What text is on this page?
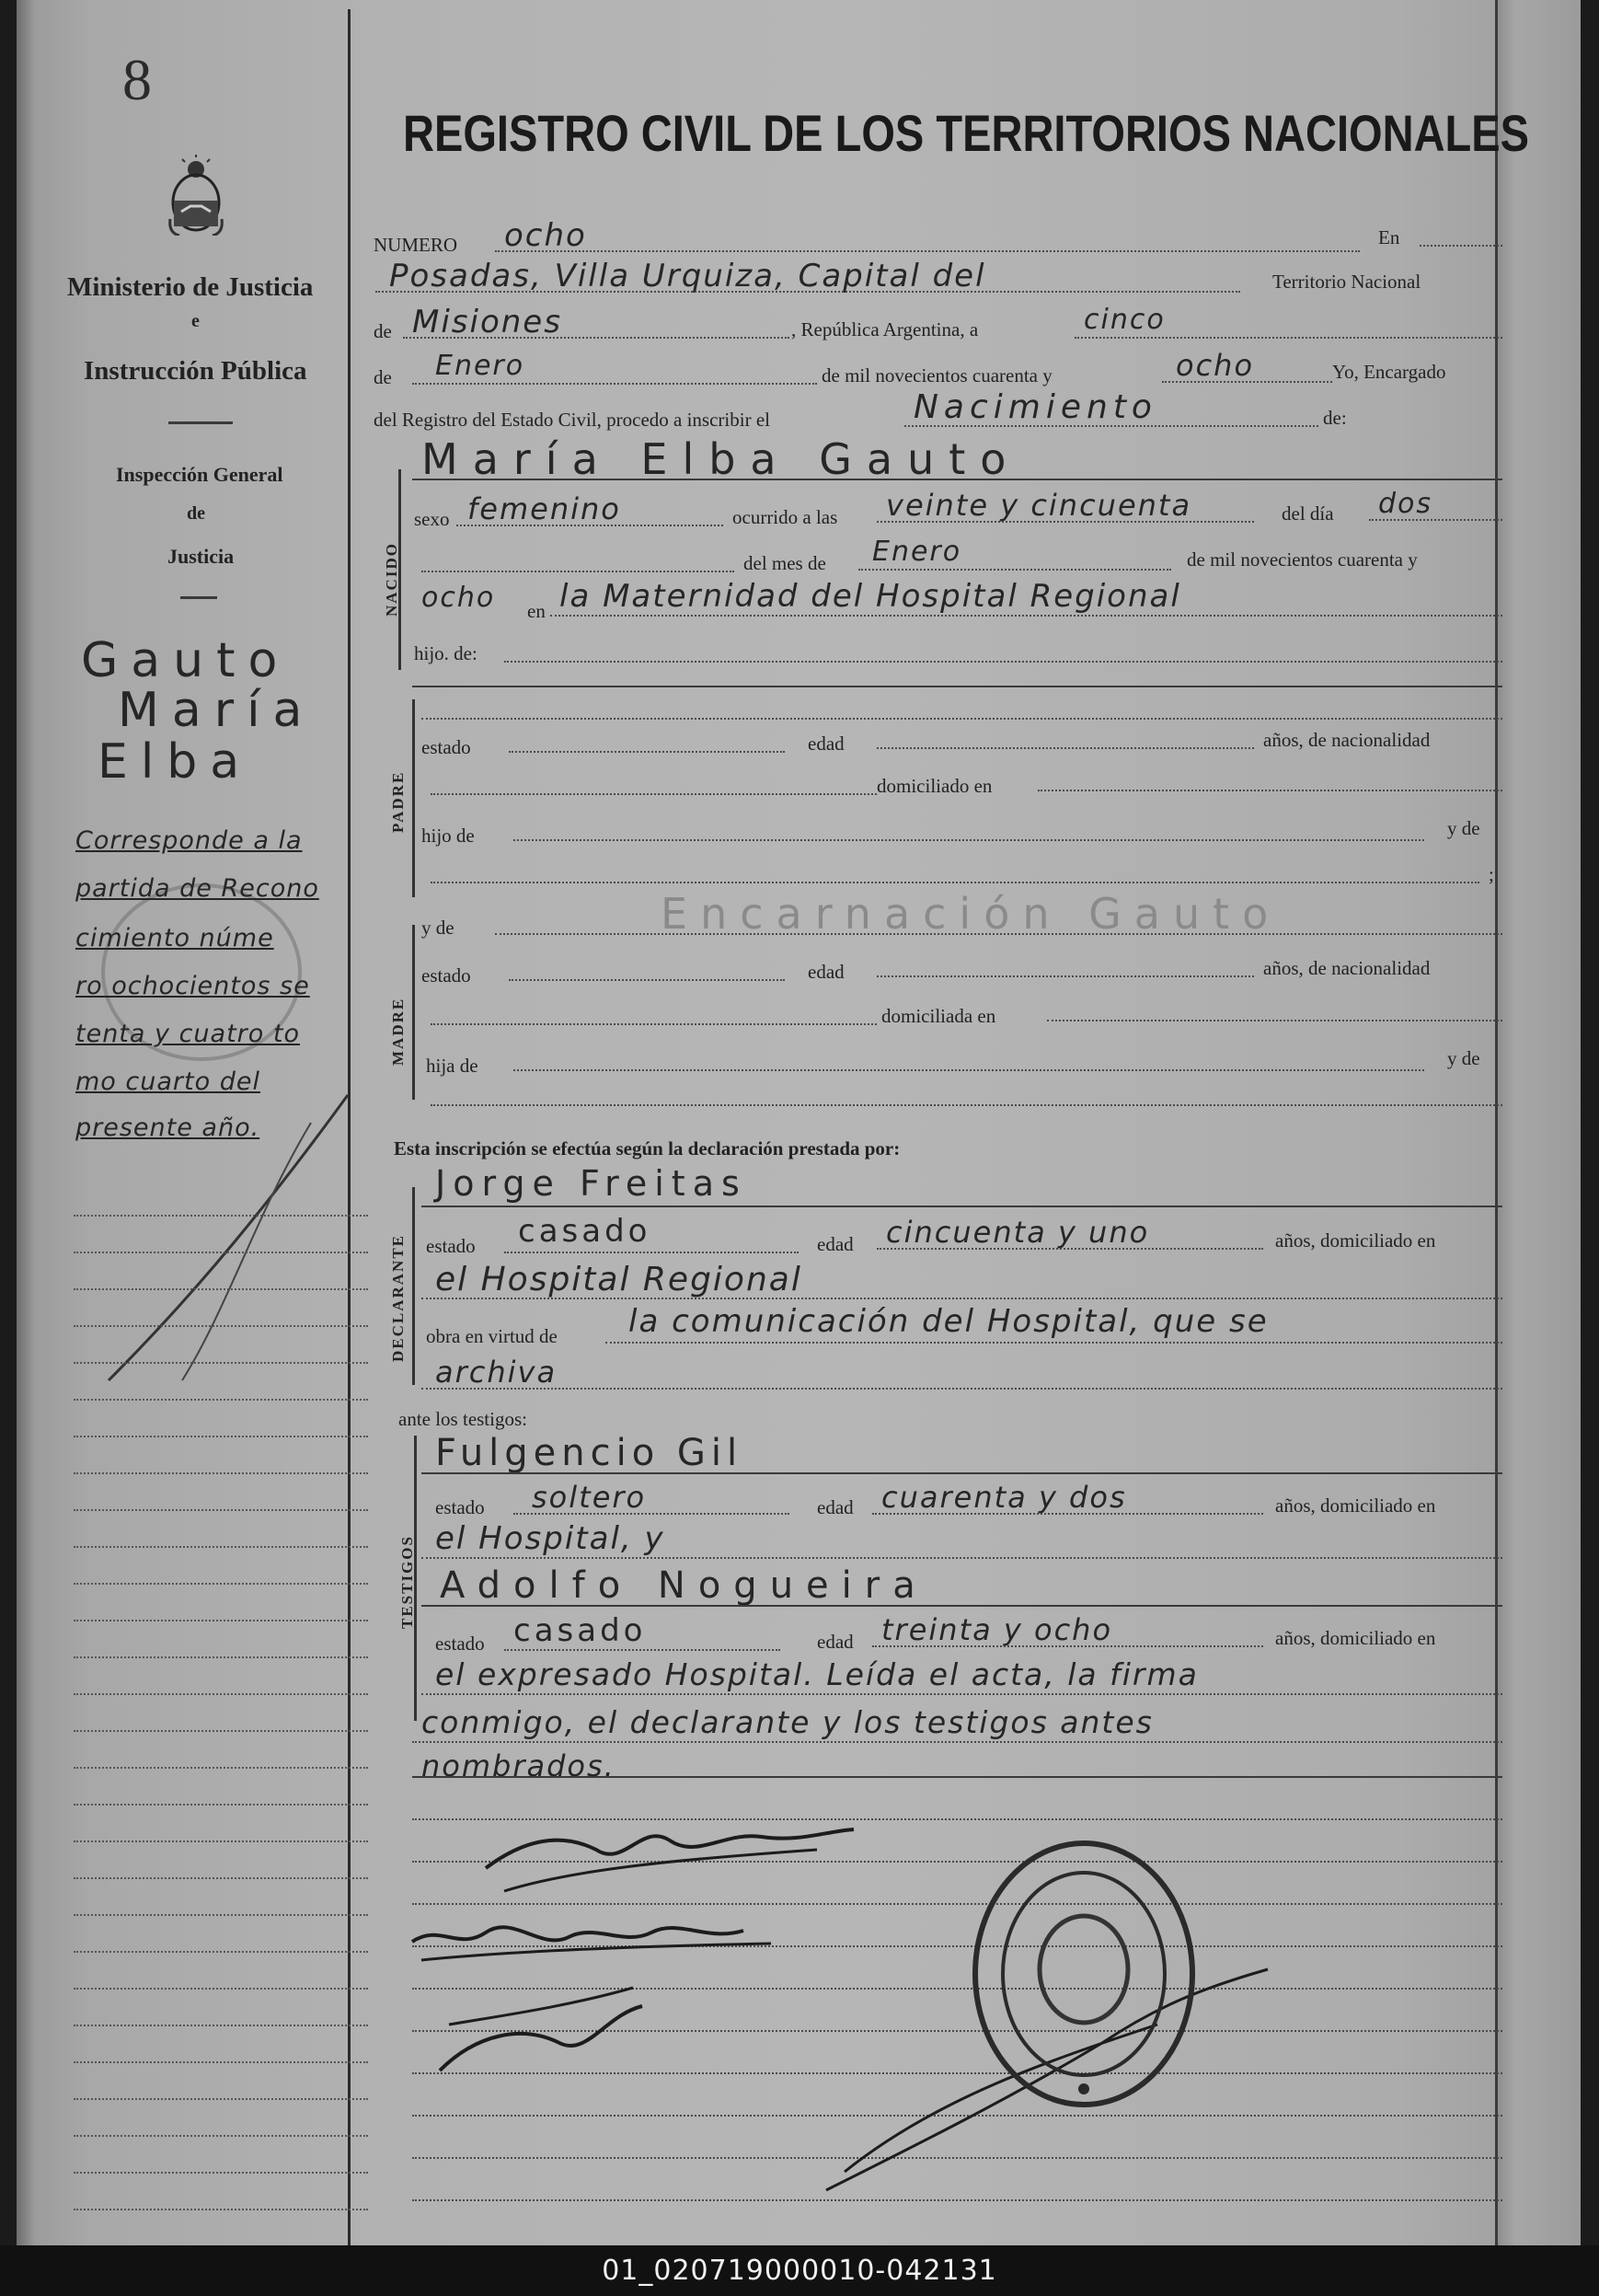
8
Ministerio de Justicia
e
Instrucción Pública
Inspección General
de
Justicia
Gauto
María
Elba
Corresponde a la
partida de Recono
cimiento núme
ro ochocientos se
tenta y cuatro to
mo cuarto del
presente año.
REGISTRO CIVIL DE LOS TERRITORIOS NACIONALES
NUMERO ocho	En
Posadas, Villa Urquiza, Capital del	Territorio Nacional
de Misiones	, República Argentina, a	cinco
de Enero	de mil novecientos cuarenta y	ocho	Yo, Encargado
del Registro del Estado Civil, procedo a inscribir el	Nacimiento	de:
NACIDO
María Elba Gauto
sexo femenino	ocurrido a las veinte y cincuenta	del día dos
del mes de Enero	de mil novecientos cuarenta y
ocho en la Maternidad del Hospital Regional
hijo. de:
PADRE
estado	edad	años, de nacionalidad
domiciliado en
hijo de	y de
;
MADRE
y de	Encarnación Gauto
estado	edad	años, de nacionalidad
domiciliada en
hija de	y de
Esta inscripción se efectúa según la declaración prestada por:
DECLARANTE
Jorge Freitas
estado casado	edad cincuenta y uno	años, domiciliado en
el Hospital Regional
obra en virtud de la comunicación del Hospital, que se
archiva
ante los testigos:
TESTIGOS
Fulgencio Gil
estado soltero	edad cuarenta y dos	años, domiciliado en
el Hospital, y
Adolfo Nogueira
estado casado	edad treinta y ocho	años, domiciliado en
el expresado Hospital. Leída el acta, la firma
conmigo, el declarante y los testigos antes
nombrados.
01_020719000010-042131
